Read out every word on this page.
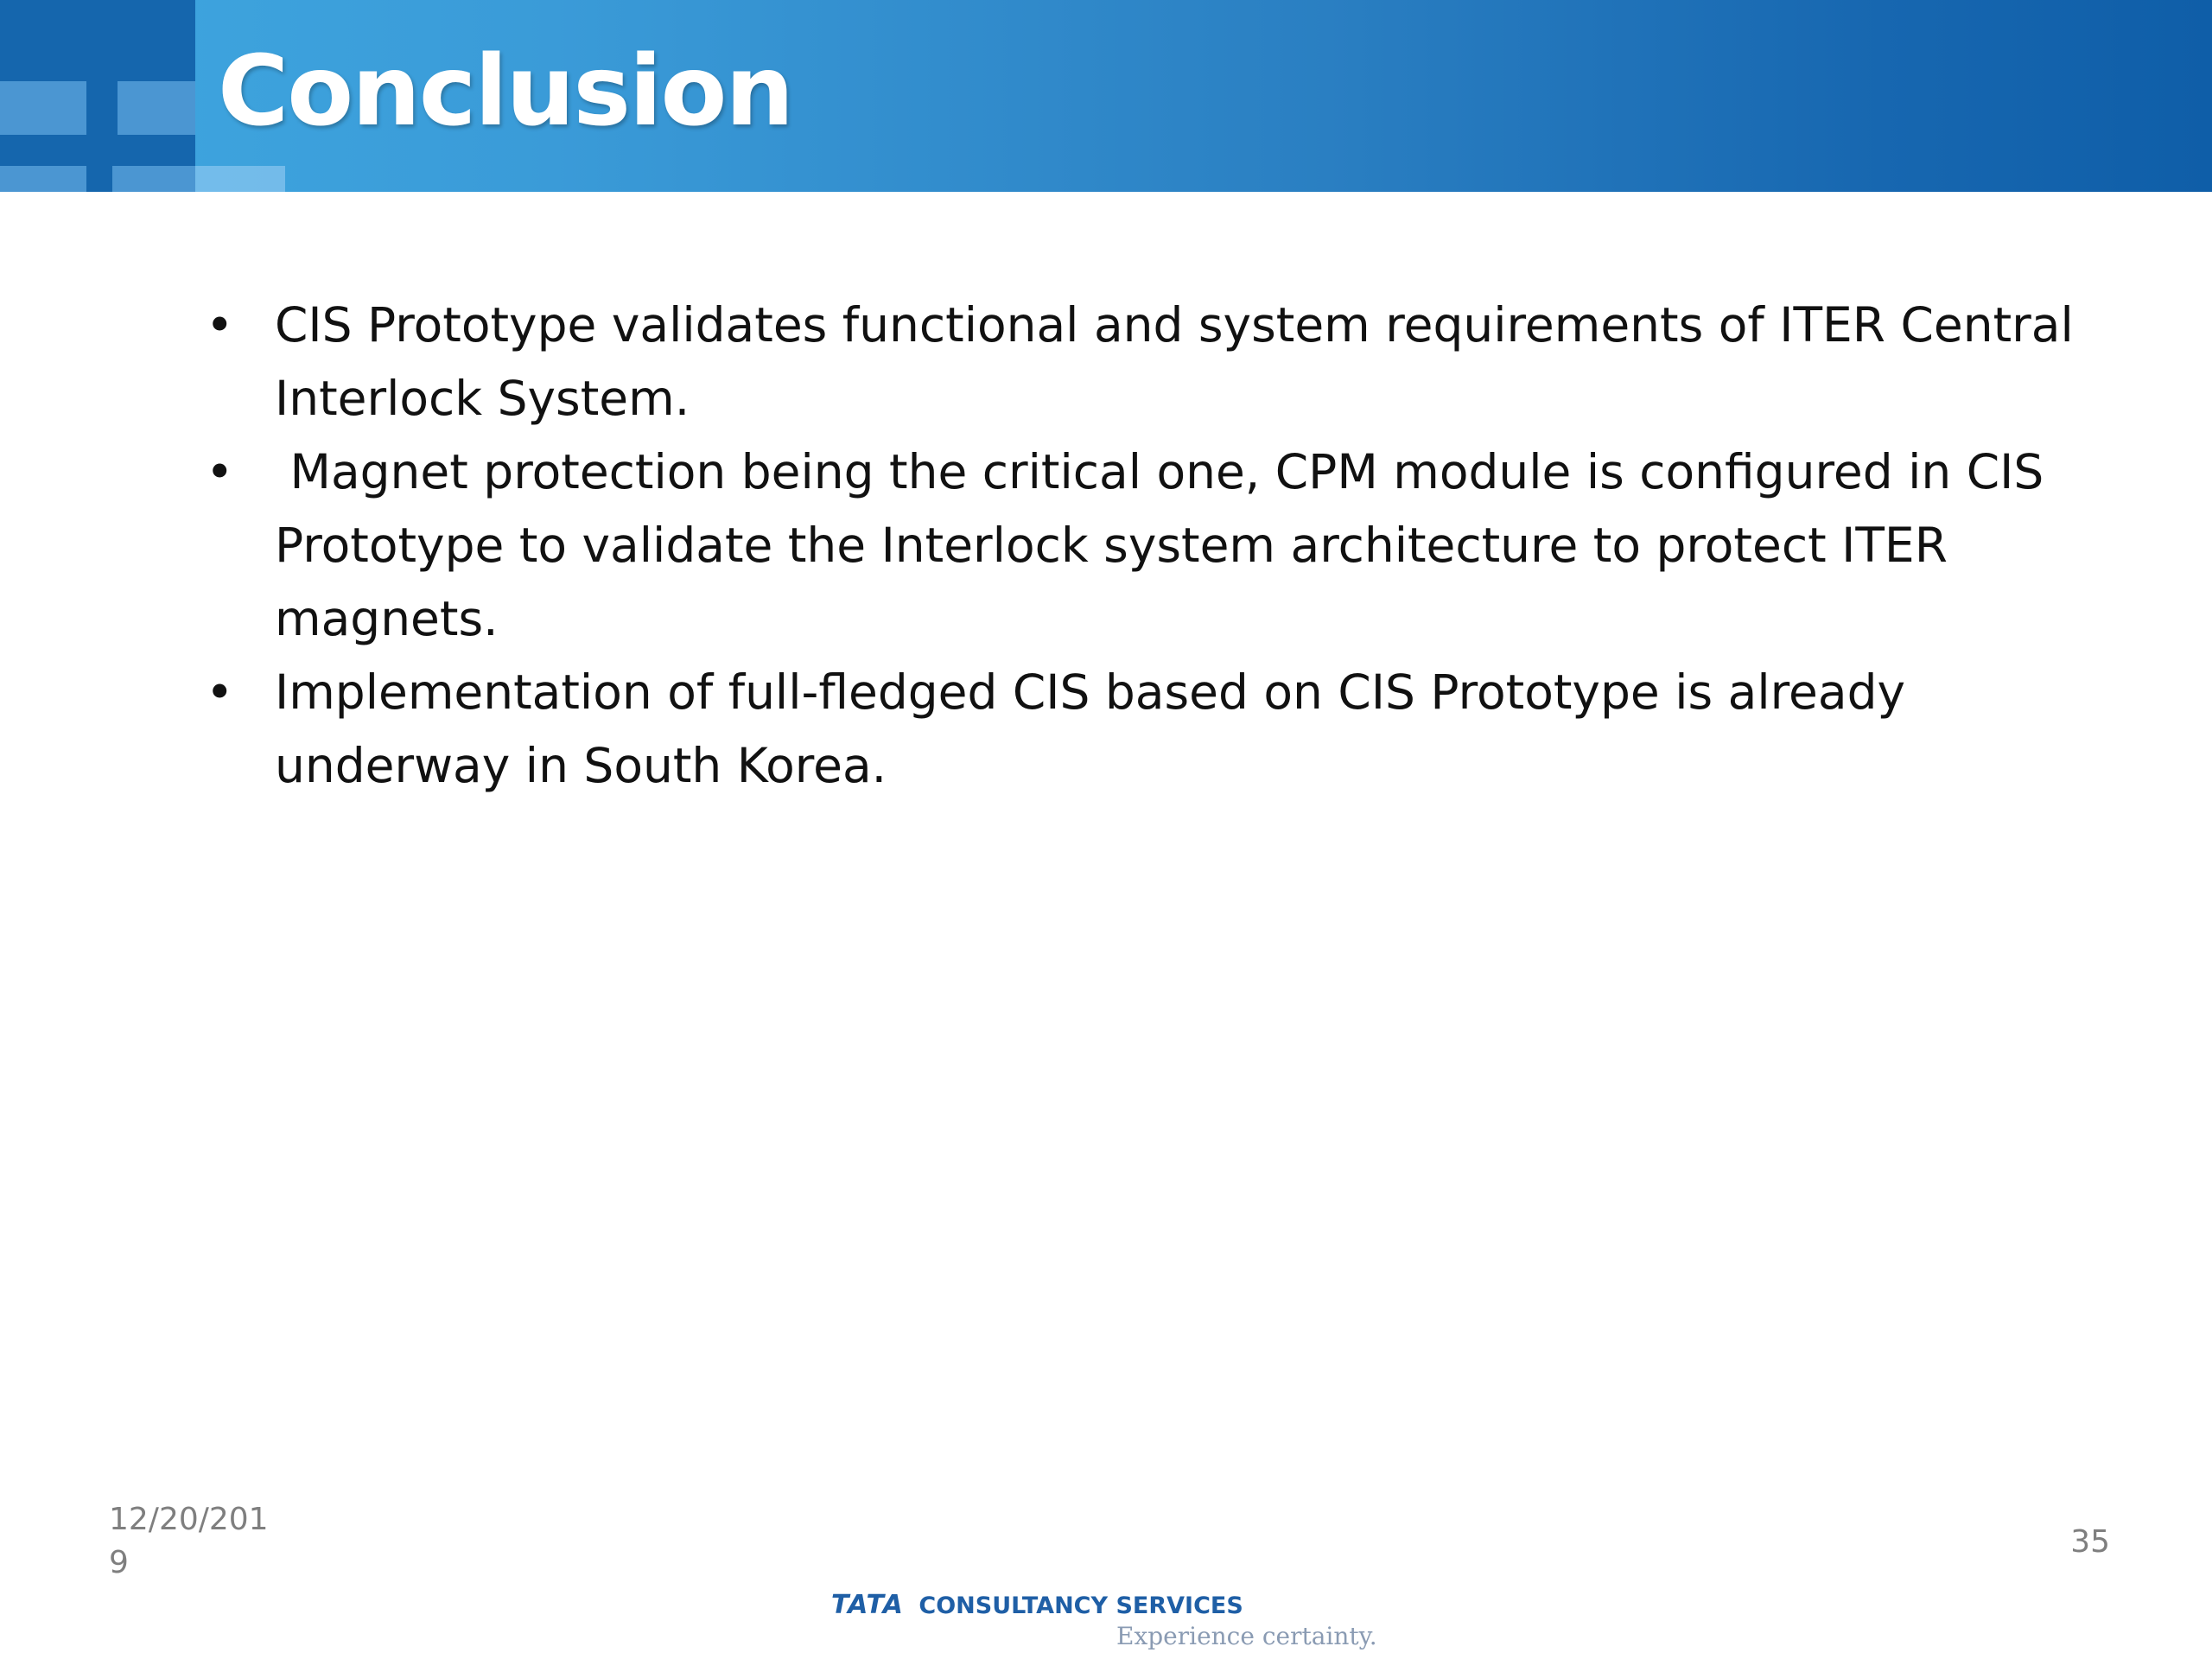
Conclusion
• CIS Prototype validates functional and system requirements of ITER Central Interlock System.
• Magnet protection being the critical one, CPM module is configured in CIS Prototype to validate the Interlock system architecture to protect ITER magnets.
• Implementation of full-fledged CIS based on CIS Prototype is already underway in South Korea.
12/20/2019
35
TATA CONSULTANCY SERVICES
Experience certainty.
